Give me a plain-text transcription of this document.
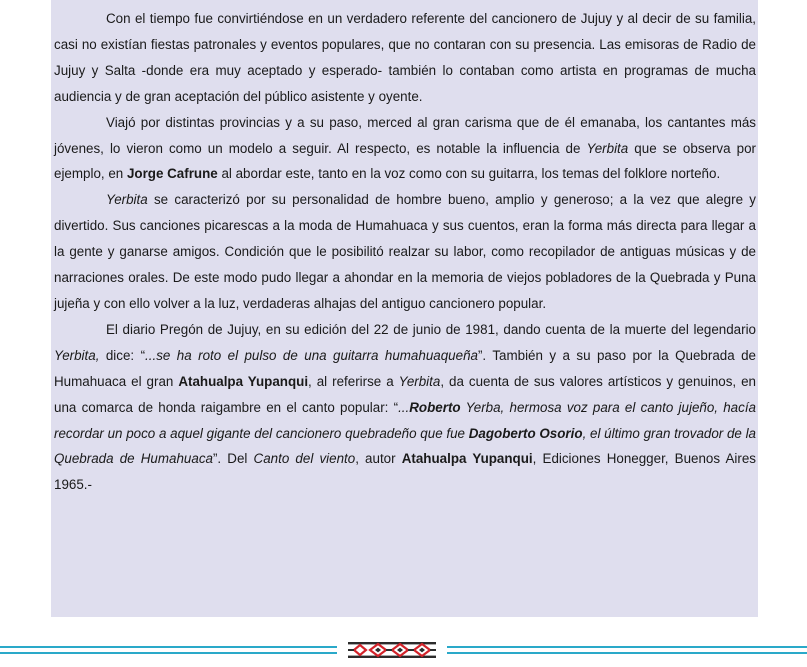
Con el tiempo fue convirtiéndose en un verdadero referente del cancionero de Jujuy y al decir de su familia, casi no existían fiestas patronales y eventos populares, que no contaran con su presencia. Las emisoras de Radio de Jujuy y Salta -donde era muy aceptado y esperado- también lo contaban como artista en programas de mucha audiencia y de gran aceptación del público asistente y oyente.

Viajó por distintas provincias y a su paso, merced al gran carisma que de él emanaba, los cantantes más jóvenes, lo vieron como un modelo a seguir. Al respecto, es notable la influencia de Yerbita que se observa por ejemplo, en Jorge Cafrune al abordar este, tanto en la voz como con su guitarra, los temas del folklore norteño.

Yerbita se caracterizó por su personalidad de hombre bueno, amplio y generoso; a la vez que alegre y divertido. Sus canciones picarescas a la moda de Humahuaca y sus cuentos, eran la forma más directa para llegar a la gente y ganarse amigos. Condición que le posibilitó realzar su labor, como recopilador de antiguas músicas y de narraciones orales. De este modo pudo llegar a ahondar en la memoria de viejos pobladores de la Quebrada y Puna jujeña y con ello volver a la luz, verdaderas alhajas del antiguo cancionero popular.

El diario Pregón de Jujuy, en su edición del 22 de junio de 1981, dando cuenta de la muerte del legendario Yerbita, dice: “...se ha roto el pulso de una guitarra humahuaqueña”. También y a su paso por la Quebrada de Humahuaca el gran Atahualpa Yupanqui, al referirse a Yerbita, da cuenta de sus valores artísticos y genuinos, en una comarca de honda raigambre en el canto popular: “...Roberto Yerba, hermosa voz para el canto jujeño, hacía recordar un poco a aquel gigante del cancionero quebradeño que fue Dagoberto Osorio, el último gran trovador de la Quebrada de Humahuaca”. Del Canto del viento, autor Atahualpa Yupanqui, Ediciones Honegger, Buenos Aires 1965.-
